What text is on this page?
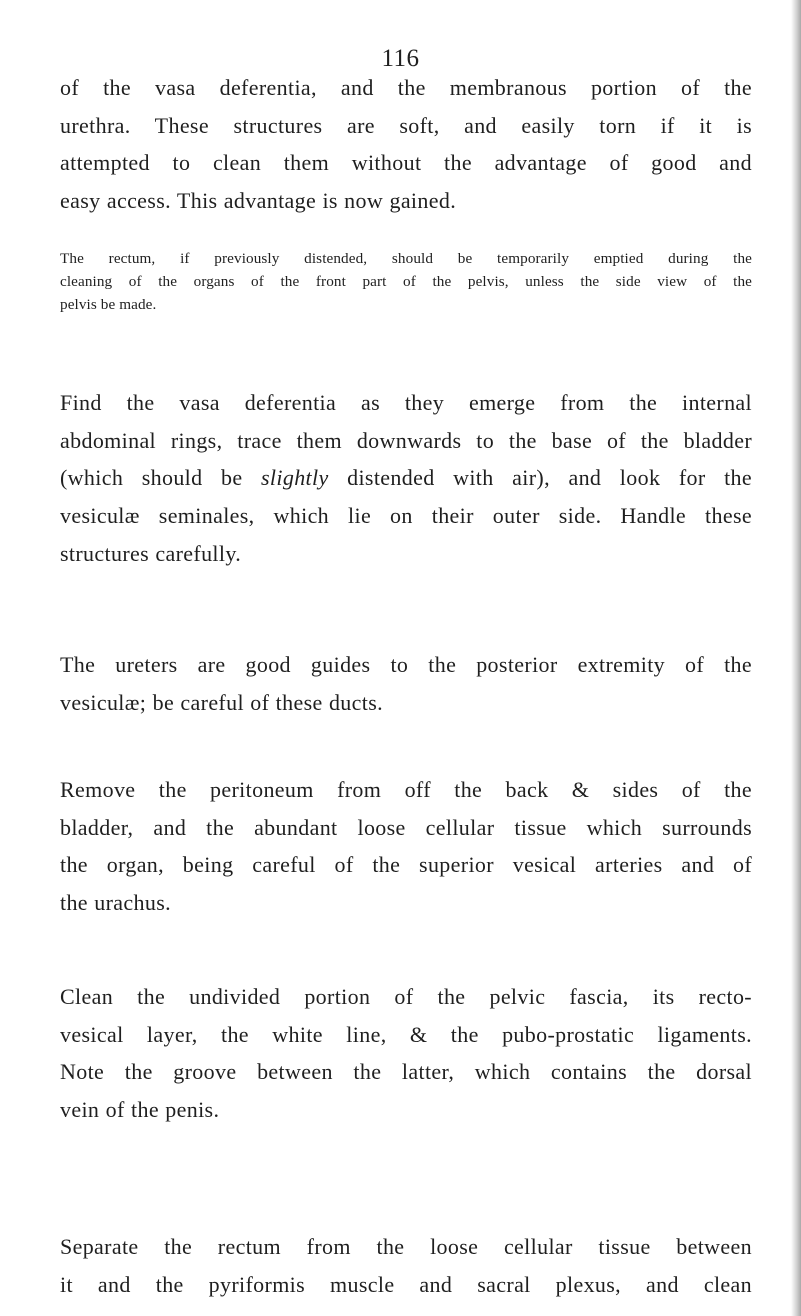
116
of the vasa deferentia, and the membranous portion of the
urethra. These structures are soft, and easily torn if it is
attempted to clean them without the advantage of good and
easy access. This advantage is now gained.
The rectum, if previously distended, should be temporarily emptied during the
cleaning of the organs of the front part of the pelvis, unless the side view of the
pelvis be made.
Find the vasa deferentia as they emerge from the internal
abdominal rings, trace them downwards to the base of the bladder
(which should be slightly distended with air), and look for the
vesiculæ seminales, which lie on their outer side. Handle these
structures carefully.
The ureters are good guides to the posterior extremity of the
vesiculæ; be careful of these ducts.
Remove the peritoneum from off the back & sides of the
bladder, and the abundant loose cellular tissue which surrounds
the organ, being careful of the superior vesical arteries and of
the urachus.
Clean the undivided portion of the pelvic fascia, its recto-
vesical layer, the white line, & the pubo-prostatic ligaments.
Note the groove between the latter, which contains the dorsal
vein of the penis.
Separate the rectum from the loose cellular tissue between
it and the pyriformis muscle and sacral plexus, and clean
